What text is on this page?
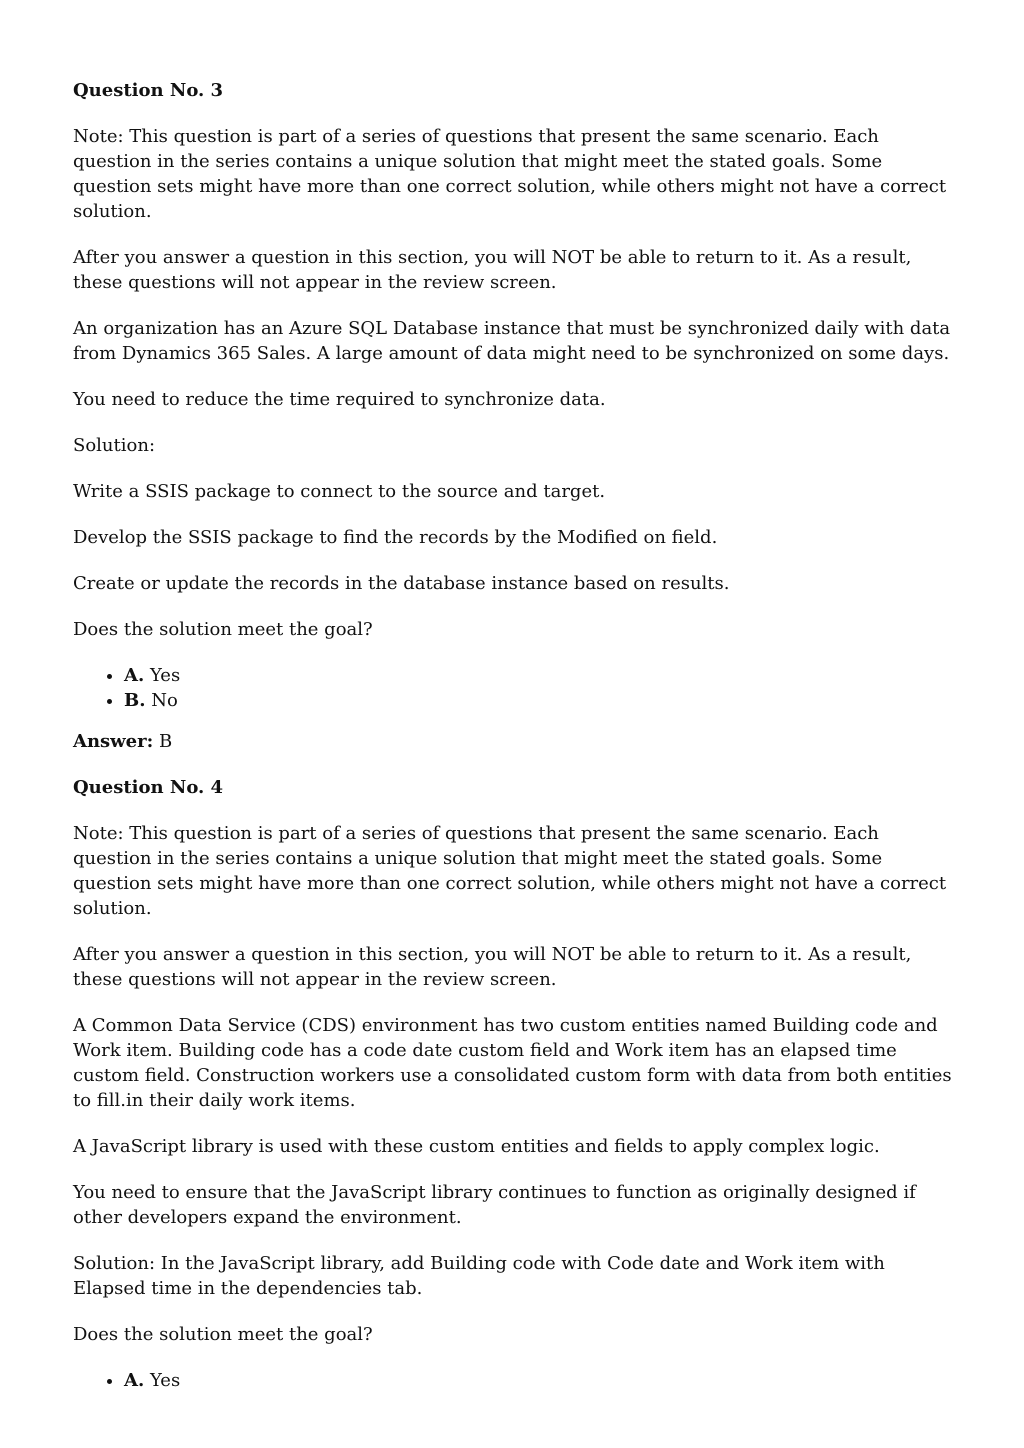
Question No. 3

Note: This question is part of a series of questions that present the same scenario. Each question in the series contains a unique solution that might meet the stated goals. Some question sets might have more than one correct solution, while others might not have a correct solution.

After you answer a question in this section, you will NOT be able to return to it. As a result, these questions will not appear in the review screen.

An organization has an Azure SQL Database instance that must be synchronized daily with data from Dynamics 365 Sales. A large amount of data might need to be synchronized on some days.

You need to reduce the time required to synchronize data.

Solution:

Write a SSIS package to connect to the source and target.

Develop the SSIS package to find the records by the Modified on field.

Create or update the records in the database instance based on results.

Does the solution meet the goal?

• A. Yes
• B. No

Answer: B

Question No. 4

Note: This question is part of a series of questions that present the same scenario. Each question in the series contains a unique solution that might meet the stated goals. Some question sets might have more than one correct solution, while others might not have a correct solution.

After you answer a question in this section, you will NOT be able to return to it. As a result, these questions will not appear in the review screen.

A Common Data Service (CDS) environment has two custom entities named Building code and Work item. Building code has a code date custom field and Work item has an elapsed time custom field. Construction workers use a consolidated custom form with data from both entities to fill.in their daily work items.

A JavaScript library is used with these custom entities and fields to apply complex logic.

You need to ensure that the JavaScript library continues to function as originally designed if other developers expand the environment.

Solution: In the JavaScript library, add Building code with Code date and Work item with Elapsed time in the dependencies tab.

Does the solution meet the goal?

• A. Yes
